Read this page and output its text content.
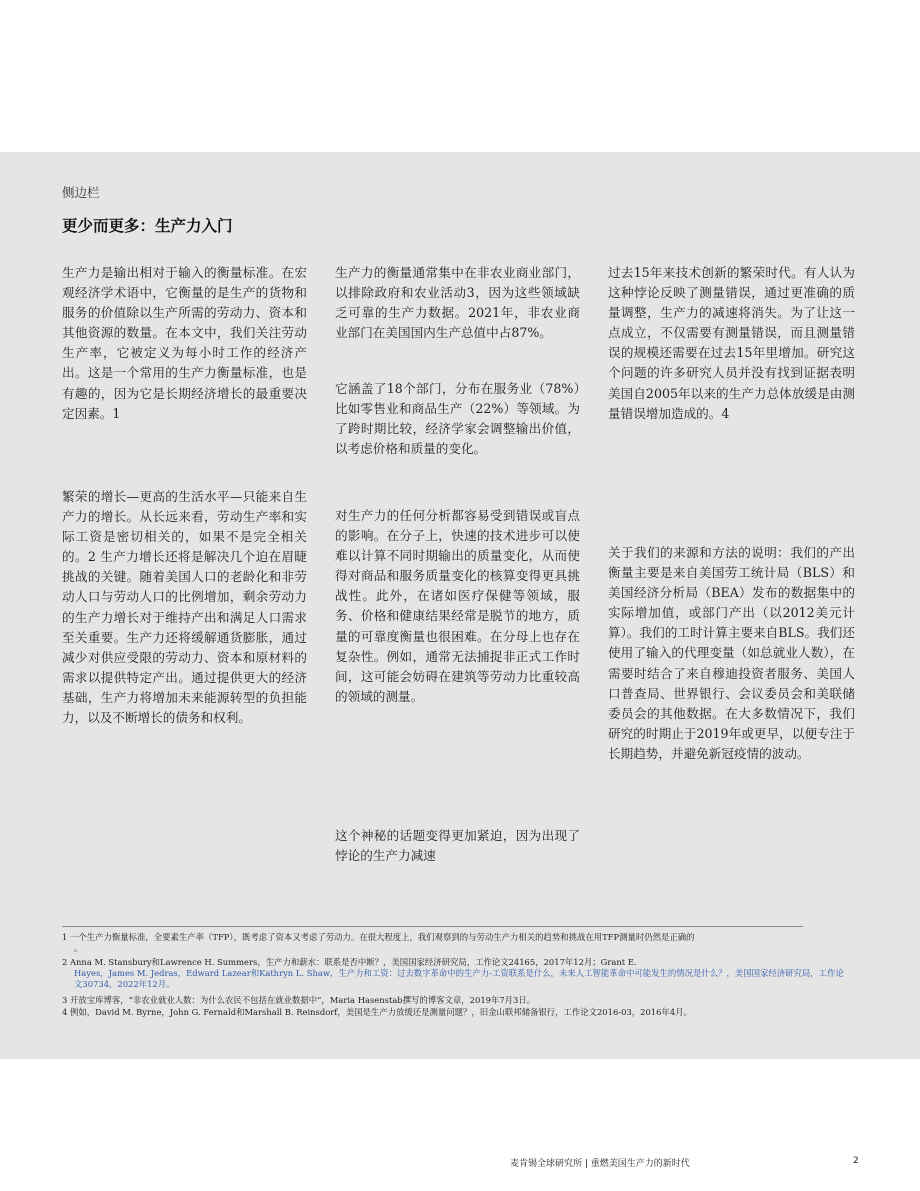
侧边栏
更少而更多：生产力入门

生产力是输出相对于输入的衡量标准。在宏观经济学术语中，它衡量的是生产的货物和服务的价值除以生产所需的劳动力、资本和其他资源的数量。在本文中，我们关注劳动生产率，它被定义为每小时工作的经济产出。这是一个常用的生产力衡量标准，也是有趣的，因为它是长期经济增长的最重要决定因素。1

繁荣的增长—更高的生活水平—只能来自生产力的增长。从长远来看，劳动生产率和实际工资是密切相关的，如果不是完全相关的。2 生产力增长还将是解决几个迫在眉睫挑战的关键。随着美国人口的老龄化和非劳动人口与劳动人口的比例增加，剩余劳动力的生产力增长对于维持产出和满足人口需求至关重要。生产力还将缓解通货膨胀，通过减少对供应受限的劳动力、资本和原材料的需求以提供特定产出。通过提供更大的经济基础，生产力将增加未来能源转型的负担能力，以及不断增长的债务和权利。

生产力的衡量通常集中在非农业商业部门，以排除政府和农业活动3，因为这些领域缺乏可靠的生产力数据。2021年，非农业商业部门在美国国内生产总值中占87%。

它涵盖了18个部门，分布在服务业（78%）比如零售业和商品生产（22%）等领域。为了跨时期比较，经济学家会调整输出价值，以考虑价格和质量的变化。

对生产力的任何分析都容易受到错误或盲点的影响。在分子上，快速的技术进步可以使难以计算不同时期输出的质量变化，从而使得对商品和服务质量变化的核算变得更具挑战性。此外，在诸如医疗保健等领域，服务、价格和健康结果经常是脱节的地方，质量的可靠度衡量也很困难。在分母上也存在复杂性。例如，通常无法捕捉非正式工作时间，这可能会妨碍在建筑等劳动力比重较高的领域的测量。

这个神秘的话题变得更加紧迫，因为出现了悖论的生产力减速

过去15年来技术创新的繁荣时代。有人认为这种悖论反映了测量错误，通过更准确的质量调整，生产力的减速将消失。为了让这一点成立，不仅需要有测量错误，而且测量错误的规模还需要在过去15年里增加。研究这个问题的许多研究人员并没有找到证据表明美国自2005年以来的生产力总体放缓是由测量错误增加造成的。4

关于我们的来源和方法的说明：我们的产出衡量主要是来自美国劳工统计局（BLS）和美国经济分析局（BEA）发布的数据集中的实际增加值，或部门产出（以2012美元计算）。我们的工时计算主要来自BLS。我们还使用了输入的代理变量（如总就业人数），在需要时结合了来自穆迪投资者服务、美国人口普查局、世界银行、会议委员会和美联储委员会的其他数据。在大多数情况下，我们研究的时期止于2019年或更早，以便专注于长期趋势，并避免新冠疫情的波动。

1 一个生产力衡量标准，全要素生产率（TFP），既考虑了资本又考虑了劳动力。在很大程度上，我们观察到的与劳动生产力相关的趋势和挑战在用TFP测量时仍然是正确的
。

2 Anna M. Stansbury和Lawrence H. Summers，生产力和薪水：联系是否中断？，美国国家经济研究局，工作论文24165，2017年12月；Grant E.
Hayes，James M. Jedras，Edward Lazear和Kathryn L. Shaw，生产力和工资：过去数字革命中的生产力-工资联系是什么，未来人工智能革命中可能发生的情况是什么？，美国国家经济研究局，工作论文30734，2022年12月。

3 开放宝库博客，“非农业就业人数：为什么农民不包括在就业数据中”，Maria Hasenstab撰写的博客文章，2019年7月3日。

4 例如，David M. Byrne，John G. Fernald和Marshall B. Reinsdorf，美国是生产力放缓还是测量问题？，旧金山联邦储备银行，工作论文2016-03，2016年4月。

麦肯锡全球研究所 | 重燃美国生产力的新时代	2
